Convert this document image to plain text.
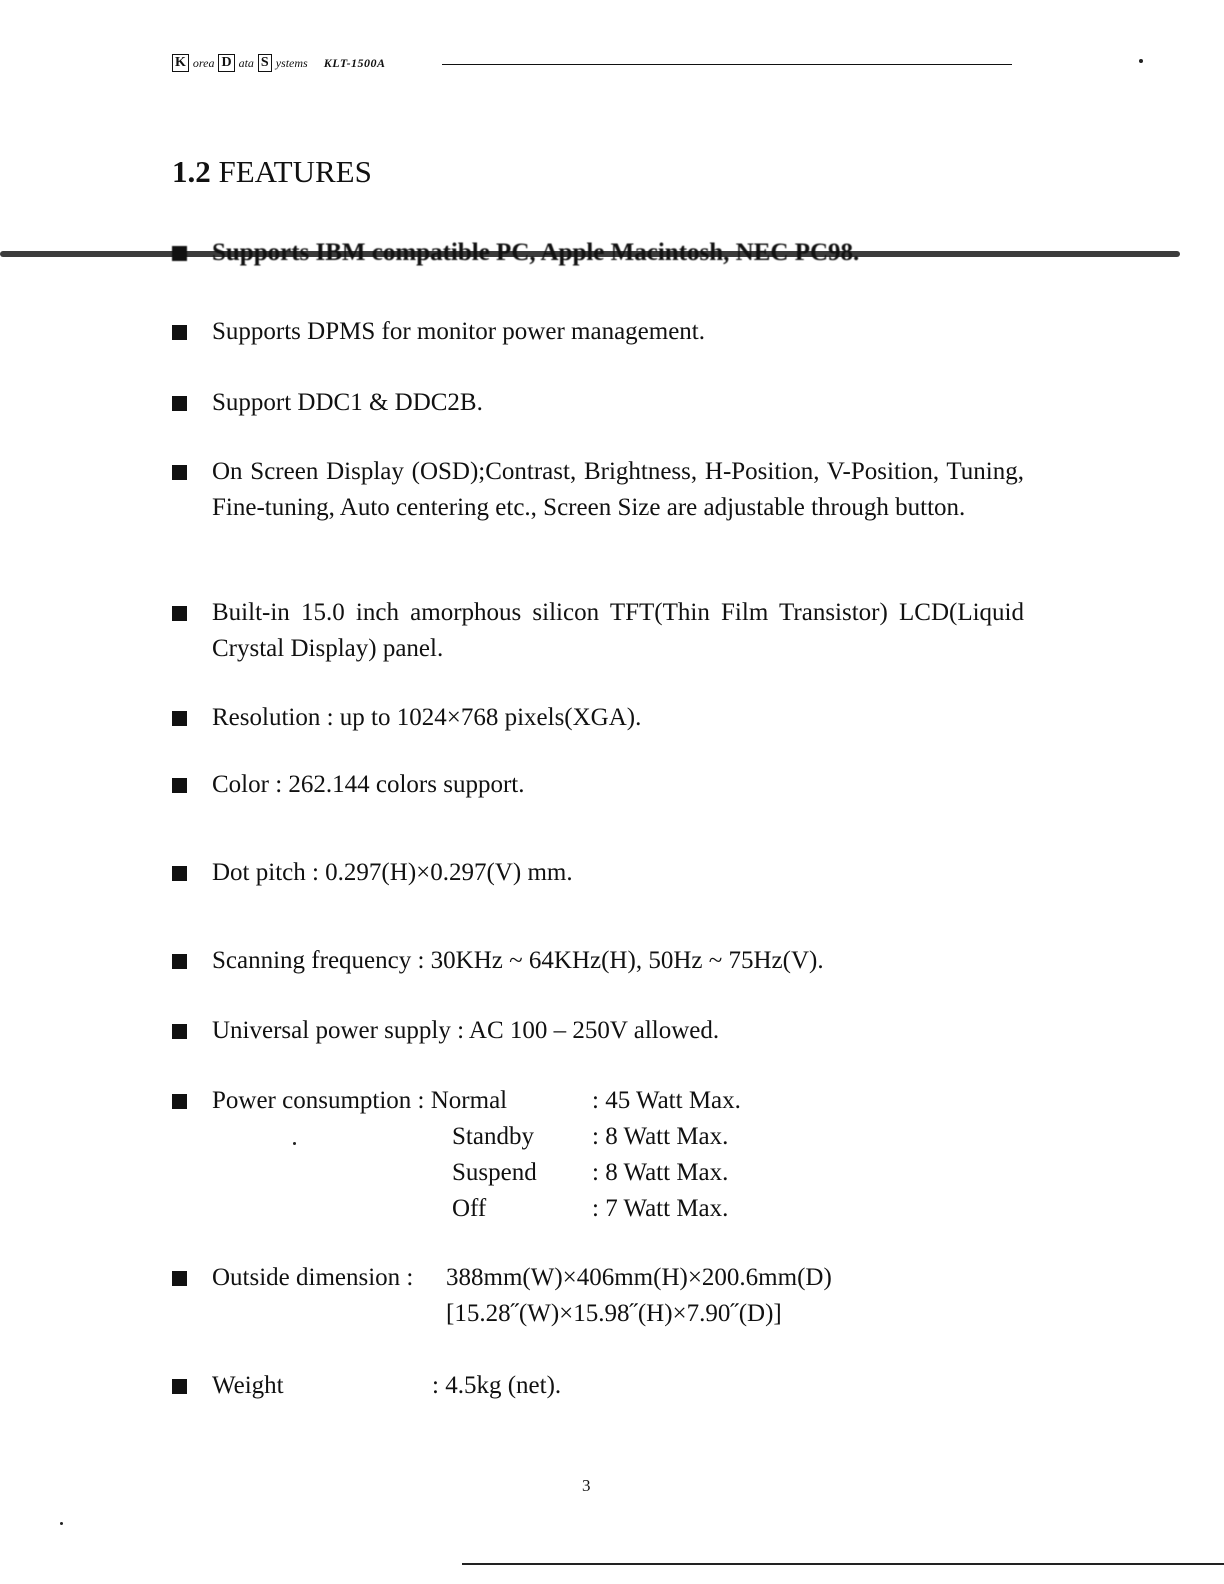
K orea D ata S ystems KLT-1500A
1.2 FEATURES
Supports IBM compatible PC, Apple Macintosh, NEC PC98.
Supports DPMS for monitor power management.
Support DDC1 & DDC2B.
On Screen Display (OSD);Contrast, Brightness, H-Position, V-Position, Tuning, Fine-tuning, Auto centering etc., Screen Size are adjustable through button.
Built-in 15.0 inch amorphous silicon TFT(Thin Film Transistor) LCD(Liquid Crystal Display) panel.
Resolution : up to 1024×768 pixels(XGA).
Color : 262.144 colors support.
Dot pitch : 0.297(H)×0.297(V) mm.
Scanning frequency : 30KHz ~ 64KHz(H), 50Hz ~ 75Hz(V).
Universal power supply : AC 100 – 250V allowed.
Power consumption : Normal	: 45 Watt Max.
Standby	: 8 Watt Max.
Suspend	: 8 Watt Max.
Off	: 7 Watt Max.
Outside dimension :	388mm(W)×406mm(H)×200.6mm(D)
[15.28˝(W)×15.98˝(H)×7.90˝(D)]
Weight	: 4.5kg (net).
3
